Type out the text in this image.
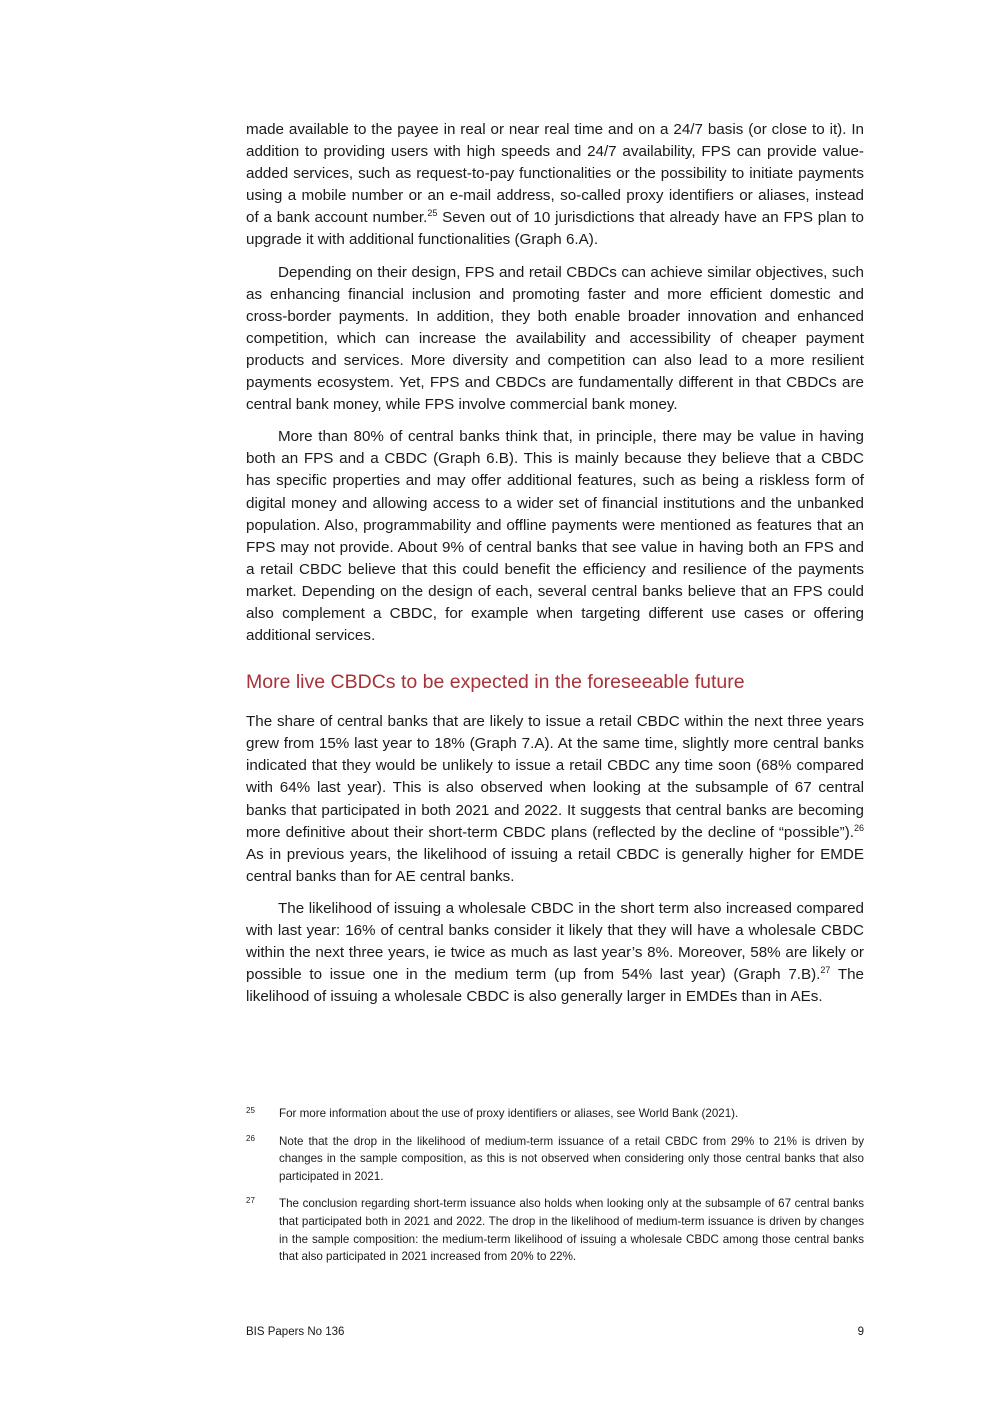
made available to the payee in real or near real time and on a 24/7 basis (or close to it). In addition to providing users with high speeds and 24/7 availability, FPS can provide value-added services, such as request-to-pay functionalities or the possibility to initiate payments using a mobile number or an e-mail address, so-called proxy identifiers or aliases, instead of a bank account number.$^{25}$ Seven out of 10 jurisdictions that already have an FPS plan to upgrade it with additional functionalities (Graph 6.A).

Depending on their design, FPS and retail CBDCs can achieve similar objectives, such as enhancing financial inclusion and promoting faster and more efficient domestic and cross-border payments. In addition, they both enable broader innovation and enhanced competition, which can increase the availability and accessibility of cheaper payment products and services. More diversity and competition can also lead to a more resilient payments ecosystem. Yet, FPS and CBDCs are fundamentally different in that CBDCs are central bank money, while FPS involve commercial bank money.

More than 80% of central banks think that, in principle, there may be value in having both an FPS and a CBDC (Graph 6.B). This is mainly because they believe that a CBDC has specific properties and may offer additional features, such as being a riskless form of digital money and allowing access to a wider set of financial institutions and the unbanked population. Also, programmability and offline payments were mentioned as features that an FPS may not provide. About 9% of central banks that see value in having both an FPS and a retail CBDC believe that this could benefit the efficiency and resilience of the payments market. Depending on the design of each, several central banks believe that an FPS could also complement a CBDC, for example when targeting different use cases or offering additional services.

More live CBDCs to be expected in the foreseeable future

The share of central banks that are likely to issue a retail CBDC within the next three years grew from 15% last year to 18% (Graph 7.A). At the same time, slightly more central banks indicated that they would be unlikely to issue a retail CBDC any time soon (68% compared with 64% last year). This is also observed when looking at the subsample of 67 central banks that participated in both 2021 and 2022. It suggests that central banks are becoming more definitive about their short-term CBDC plans (reflected by the decline of “possible”).$^{26}$ As in previous years, the likelihood of issuing a retail CBDC is generally higher for EMDE central banks than for AE central banks.

The likelihood of issuing a wholesale CBDC in the short term also increased compared with last year: 16% of central banks consider it likely that they will have a wholesale CBDC within the next three years, ie twice as much as last year’s 8%. Moreover, 58% are likely or possible to issue one in the medium term (up from 54% last year) (Graph 7.B).$^{27}$ The likelihood of issuing a wholesale CBDC is also generally larger in EMDEs than in AEs.

25	For more information about the use of proxy identifiers or aliases, see World Bank (2021).
26	Note that the drop in the likelihood of medium-term issuance of a retail CBDC from 29% to 21% is driven by changes in the sample composition, as this is not observed when considering only those central banks that also participated in 2021.
27	The conclusion regarding short-term issuance also holds when looking only at the subsample of 67 central banks that participated both in 2021 and 2022. The drop in the likelihood of medium-term issuance is driven by changes in the sample composition: the medium-term likelihood of issuing a wholesale CBDC among those central banks that also participated in 2021 increased from 20% to 22%.
BIS Papers No 136	9
